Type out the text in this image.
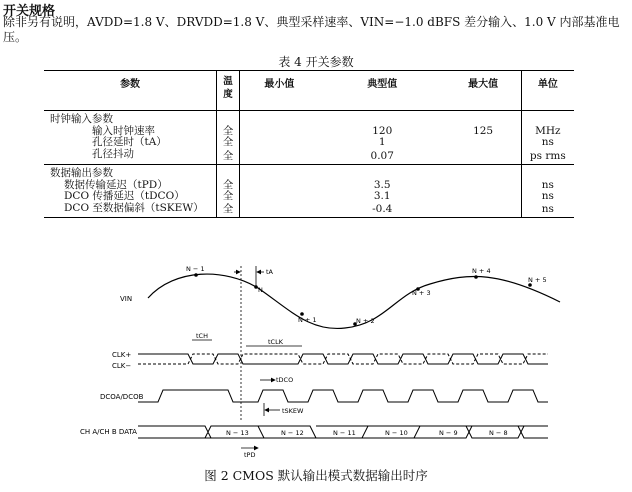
开关规格
除非另有说明，AVDD=1.8 V、DRVDD=1.8 V、典型采样速率、VIN=−1.0 dBFS 差分输入、1.0 V 内部基准电压。
表 4 开关参数
参数	温度	最小值	典型值	最大值	单位
时钟输入参数					
输入时钟速率	全		120	125	MHz
孔径延时（tA）	全		1		ns
孔径抖动	全		0.07		ps rms
数据输出参数					
数据传输延迟（tPD）	全		3.5		ns
DCO 传播延迟（tDCO）	全		3.1		ns
DCO 至数据偏斜（tSKEW）	全		-0.4		ns
VIN
N − 1
N
N + 1	N + 2
N + 3
N + 4
N + 5
tA
tCH
tCLK
CLK+
CLK−
tDCO
DCOA/DCOB
tSKEW
CH A/CH B DATA	N − 13	N − 12	N − 11	N − 10	N − 9	N − 8
tPD
图 2 CMOS 默认输出模式数据输出时序
